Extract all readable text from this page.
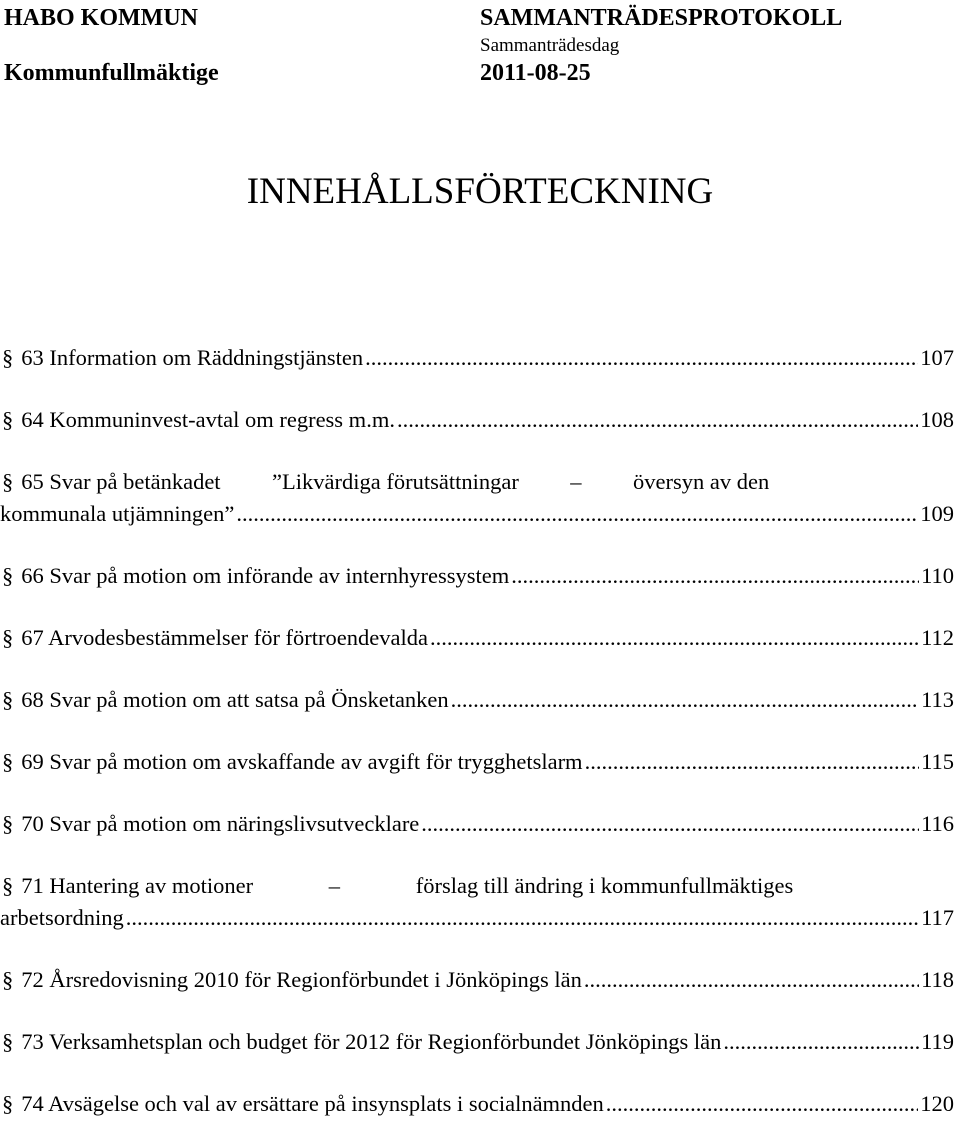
HABO KOMMUN
Kommunfullmäktige
SAMMANTRÄDESPROTOKOLL
Sammanträdesdag
2011-08-25
INNEHÅLLSFÖRTECKNING
§ 63 Information om Räddningstjänsten .....	107
§ 64 Kommuninvest-avtal om regress m.m. .....	108
§ 65 Svar på betänkadet ”Likvärdiga förutsättningar – översyn av den
kommunala utjämningen” .....	109
§ 66 Svar på motion om införande av internhyressystem .....	110
§ 67 Arvodesbestämmelser för förtroendevalda .....	112
§ 68 Svar på motion om att satsa på Önsketanken .....	113
§ 69 Svar på motion om avskaffande av avgift för trygghetslarm .....	115
§ 70 Svar på motion om näringslivsutvecklare .....	116
§ 71 Hantering av motioner	–	förslag till ändring i kommunfullmäktiges
arbetsordning .....	117
§ 72 Årsredovisning 2010 för Regionförbundet i Jönköpings län .....	118
§ 73 Verksamhetsplan och budget för 2012 för Regionförbundet Jönköpings län .....	119
§ 74 Avsägelse och val av ersättare på insynsplats i socialnämnden .....	120
